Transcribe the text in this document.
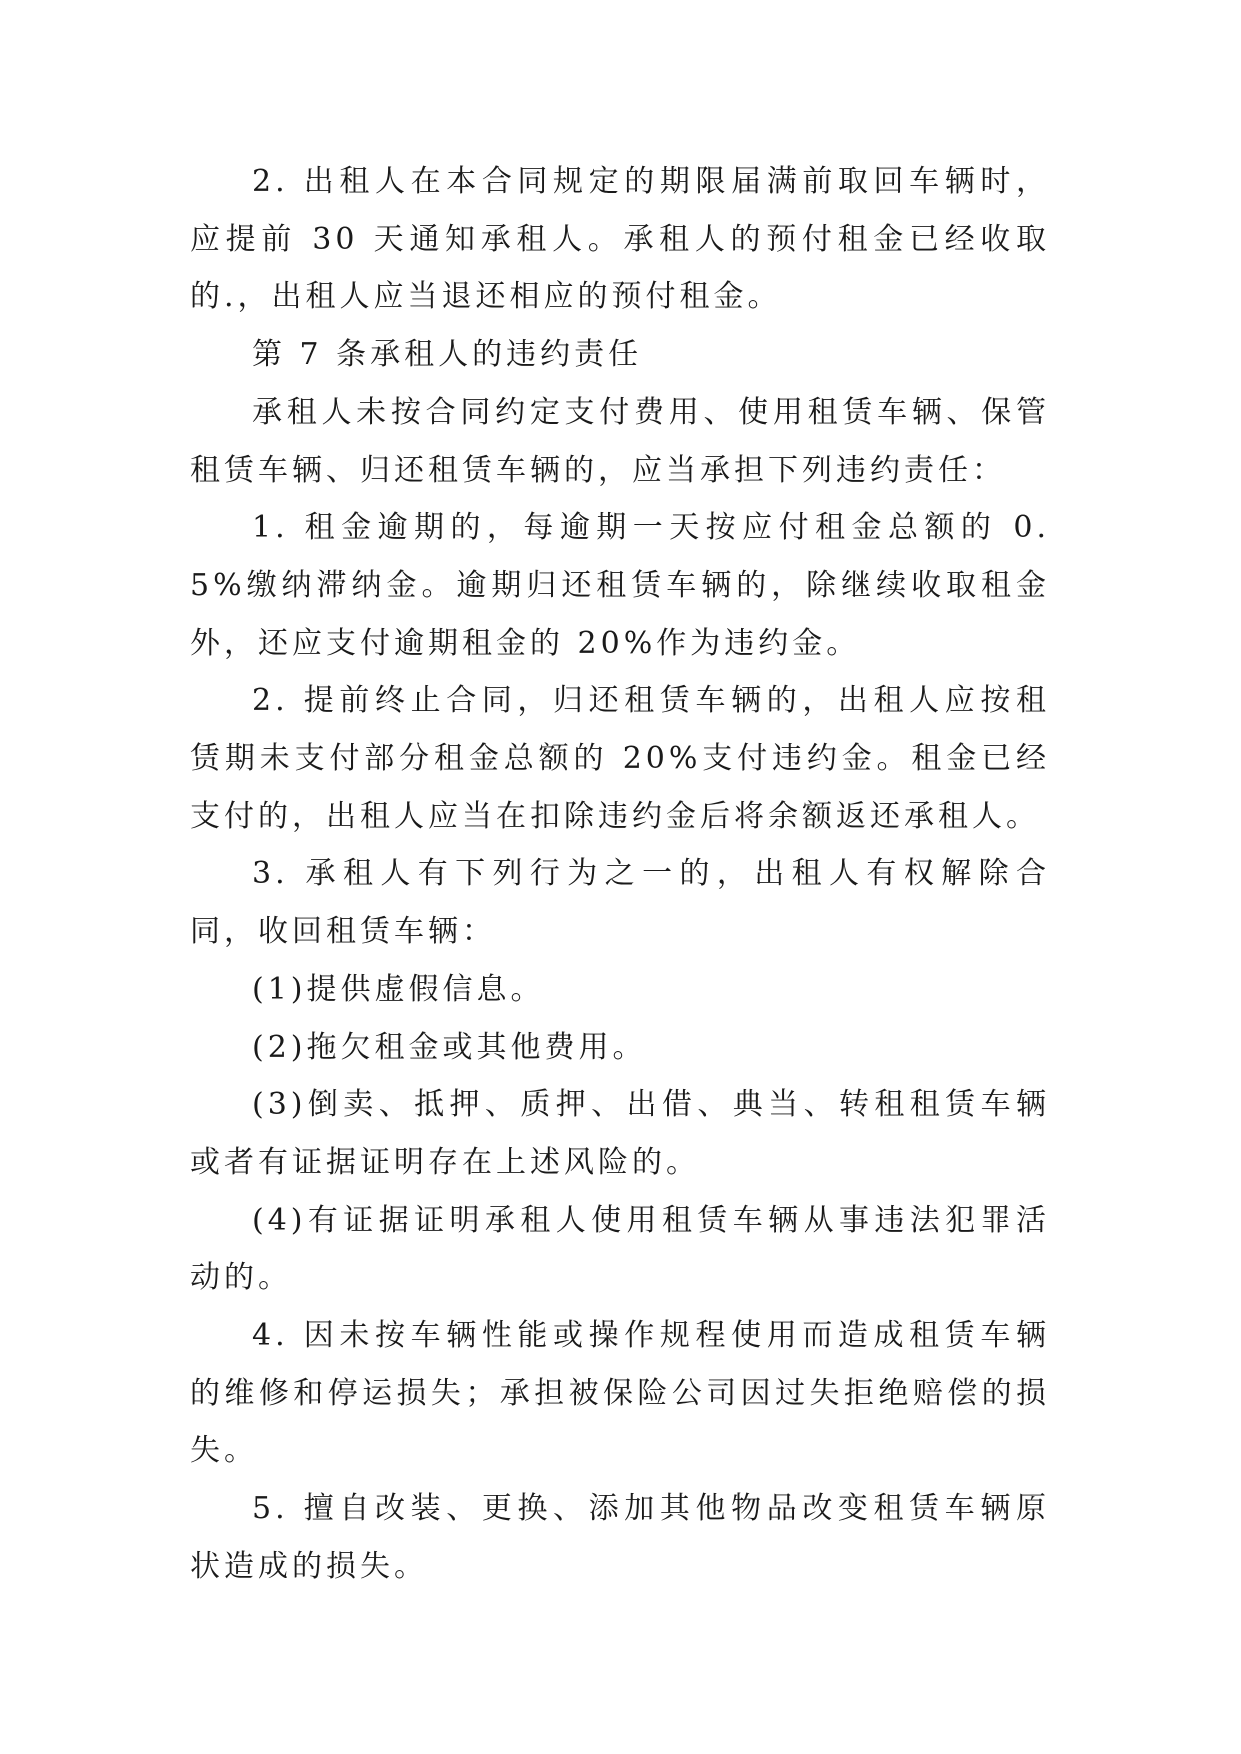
2. 出租人在本合同规定的期限届满前取回车辆时，应提前 30 天通知承租人。承租人的预付租金已经收取的.，出租人应当退还相应的预付租金。

第 7 条承租人的违约责任

承租人未按合同约定支付费用、使用租赁车辆、保管租赁车辆、归还租赁车辆的，应当承担下列违约责任：

1. 租金逾期的，每逾期一天按应付租金总额的 0.5%缴纳滞纳金。逾期归还租赁车辆的，除继续收取租金外，还应支付逾期租金的 20%作为违约金。

2. 提前终止合同，归还租赁车辆的，出租人应按租赁期未支付部分租金总额的 20%支付违约金。租金已经支付的，出租人应当在扣除违约金后将余额返还承租人。

3. 承租人有下列行为之一的，出租人有权解除合同，收回租赁车辆：

(1)提供虚假信息。

(2)拖欠租金或其他费用。

(3)倒卖、抵押、质押、出借、典当、转租租赁车辆或者有证据证明存在上述风险的。

(4)有证据证明承租人使用租赁车辆从事违法犯罪活动的。

4. 因未按车辆性能或操作规程使用而造成租赁车辆的维修和停运损失；承担被保险公司因过失拒绝赔偿的损失。

5. 擅自改装、更换、添加其他物品改变租赁车辆原状造成的损失。
